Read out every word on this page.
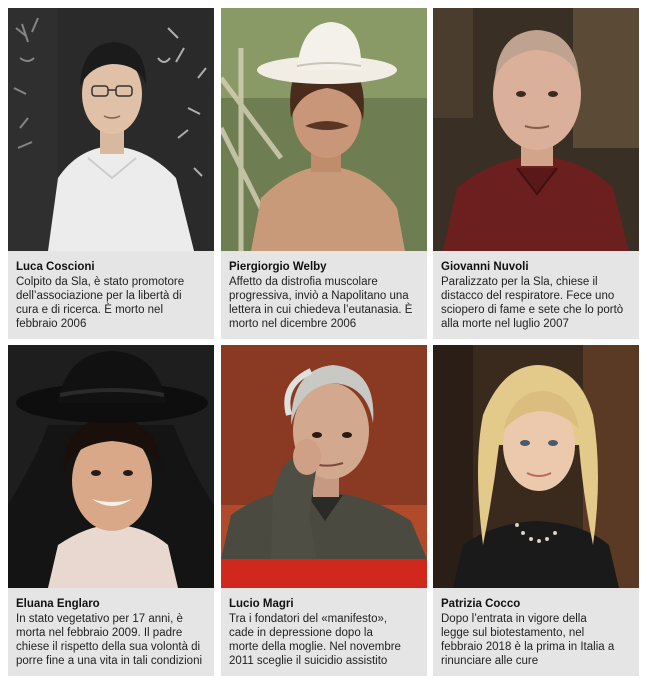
Luca Coscioni
Colpito da Sla, è stato promotore
dell’associazione per la libertà di
cura e di ricerca. È morto nel
febbraio 2006
Piergiorgio Welby
Affetto da distrofia muscolare
progressiva, inviò a Napolitano una
lettera in cui chiedeva l’eutanasia. È
morto nel dicembre 2006
Giovanni Nuvoli
Paralizzato per la Sla, chiese il
distacco del respiratore. Fece uno
sciopero di fame e sete che lo portò
alla morte nel luglio 2007
Eluana Englaro
In stato vegetativo per 17 anni, è
morta nel febbraio 2009. Il padre
chiese il rispetto della sua volontà di
porre fine a una vita in tali condizioni
Lucio Magri
Tra i fondatori del «manifesto»,
cade in depressione dopo la
morte della moglie. Nel novembre
2011 sceglie il suicidio assistito
Patrizia Cocco
Dopo l’entrata in vigore della
legge sul biotestamento, nel
febbraio 2018 è la prima in Italia a
rinunciare alle cure
